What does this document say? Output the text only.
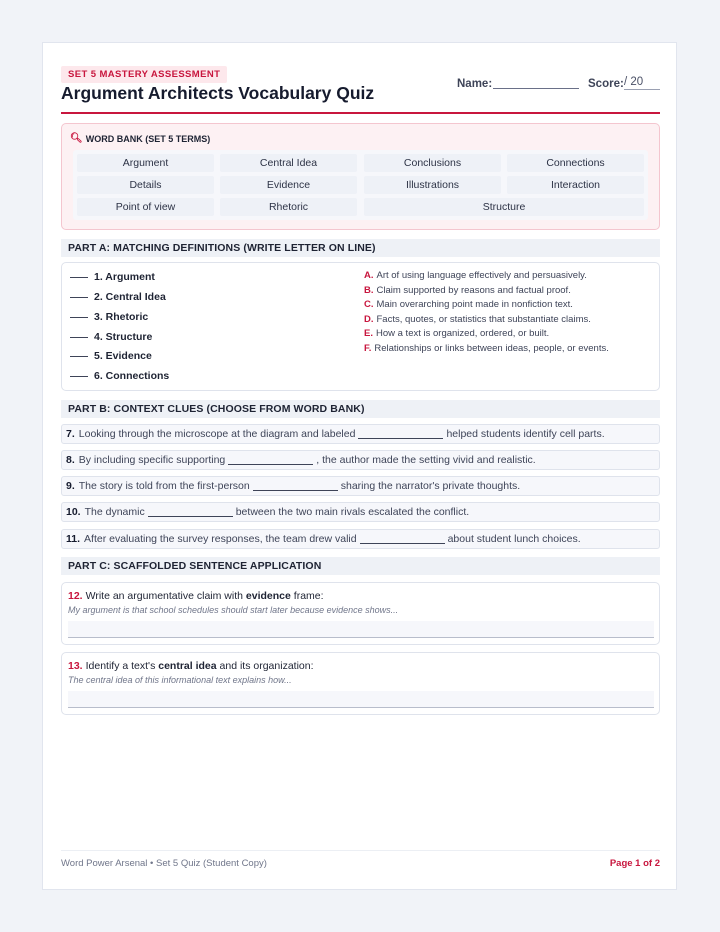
SET 5 MASTERY ASSESSMENT
Argument Architects Vocabulary Quiz	Name:	Score: / 20
🔍︎ WORD BANK (SET 5 TERMS)
Argument	Central Idea	Conclusions	Connections
Details	Evidence	Illustrations	Interaction
Point of view	Rhetoric	Structure
PART A: MATCHING DEFINITIONS (WRITE LETTER ON LINE)
1. Argument
2. Central Idea
3. Rhetoric
4. Structure
5. Evidence
6. Connections
A. Art of using language effectively and persuasively.
B. Claim supported by reasons and factual proof.
C. Main overarching point made in nonfiction text.
D. Facts, quotes, or statistics that substantiate claims.
E. How a text is organized, ordered, or built.
F. Relationships or links between ideas, people, or events.
PART B: CONTEXT CLUES (CHOOSE FROM WORD BANK)
7. Looking through the microscope at the diagram and labeled	helped students identify cell parts.
8. By including specific supporting	, the author made the setting vivid and realistic.
9. The story is told from the first-person	sharing the narrator's private thoughts.
10. The dynamic	between the two main rivals escalated the conflict.
11. After evaluating the survey responses, the team drew valid	about student lunch choices.
PART C: SCAFFOLDED SENTENCE APPLICATION
12. Write an argumentative claim with evidence frame:
My argument is that school schedules should start later because evidence shows...
13. Identify a text's central idea and its organization:
The central idea of this informational text explains how...
Word Power Arsenal • Set 5 Quiz (Student Copy)	Page 1 of 2
